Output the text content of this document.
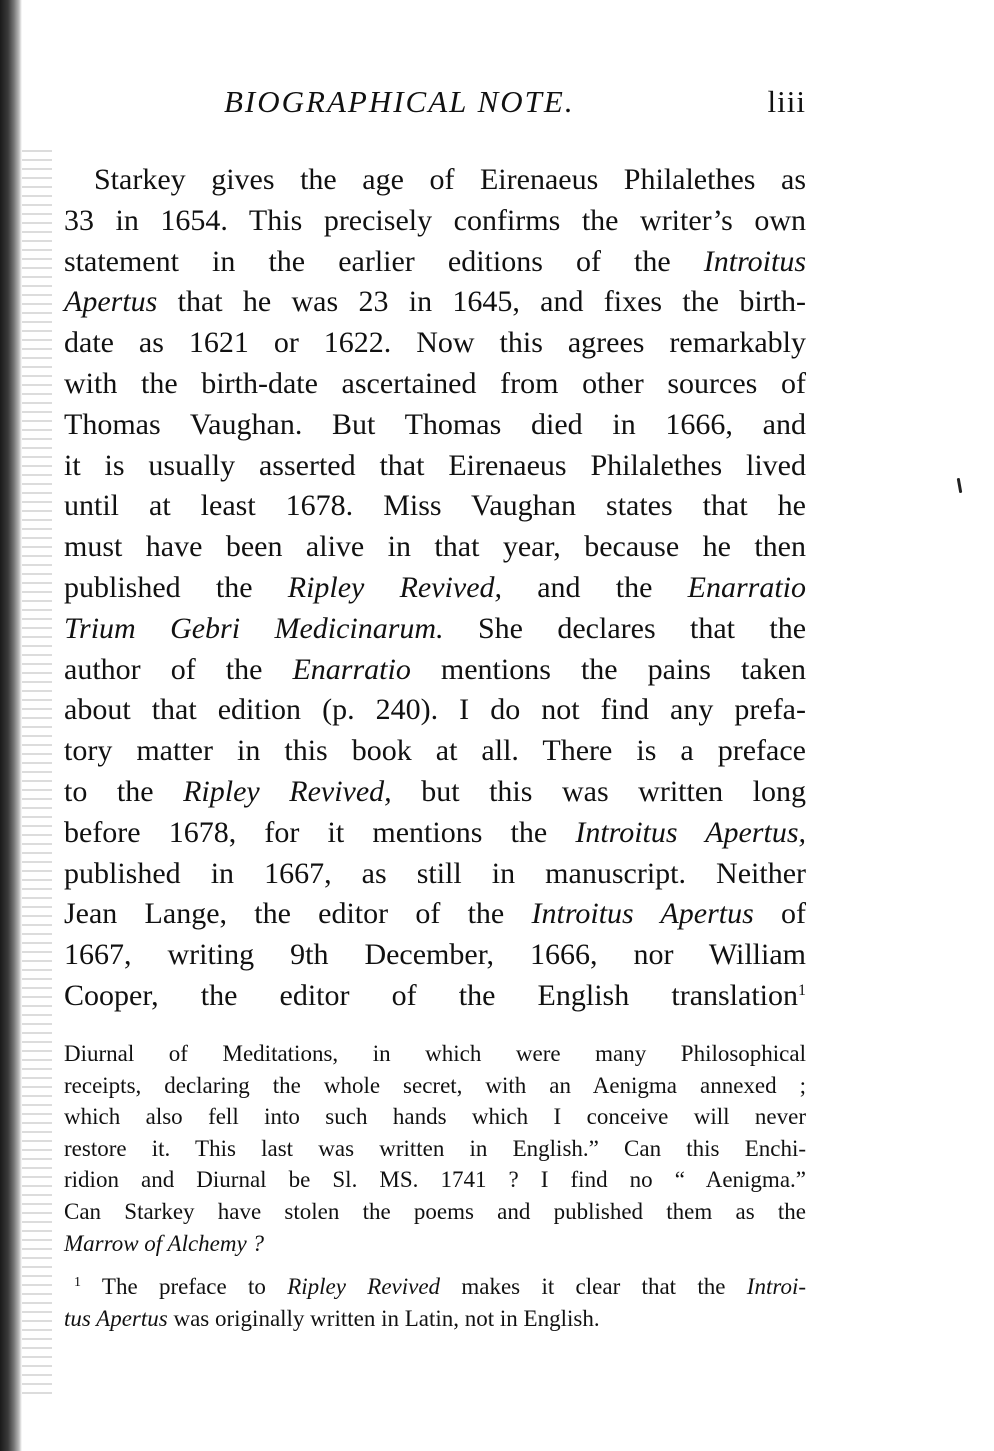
BIOGRAPHICAL NOTE.	liii
Starkey gives the age of Eirenaeus Philalethes as
33 in 1654. This precisely confirms the writer’s own
statement in the earlier editions of the Introitus
Apertus that he was 23 in 1645, and fixes the birth-
date as 1621 or 1622. Now this agrees remarkably
with the birth-date ascertained from other sources of
Thomas Vaughan. But Thomas died in 1666, and
it is usually asserted that Eirenaeus Philalethes lived
until at least 1678. Miss Vaughan states that he
must have been alive in that year, because he then
published the Ripley Revived, and the Enarratio
Trium Gebri Medicinarum. She declares that the
author of the Enarratio mentions the pains taken
about that edition (p. 240). I do not find any prefa-
tory matter in this book at all. There is a preface
to the Ripley Revived, but this was written long
before 1678, for it mentions the Introitus Apertus,
published in 1667, as still in manuscript. Neither
Jean Lange, the editor of the Introitus Apertus of
1667, writing 9th December, 1666, nor William
Cooper, the editor of the English translation$^1$
Diurnal of Meditations, in which were many Philosophical
receipts, declaring the whole secret, with an Aenigma annexed ;
which also fell into such hands which I conceive will never
restore it. This last was written in English.” Can this Enchi-
ridion and Diurnal be Sl. MS. 1741 ? I find no “ Aenigma.”
Can Starkey have stolen the poems and published them as the
Marrow of Alchemy ?
$^1$ The preface to Ripley Revived makes it clear that the Introi-
tus Apertus was originally written in Latin, not in English.
